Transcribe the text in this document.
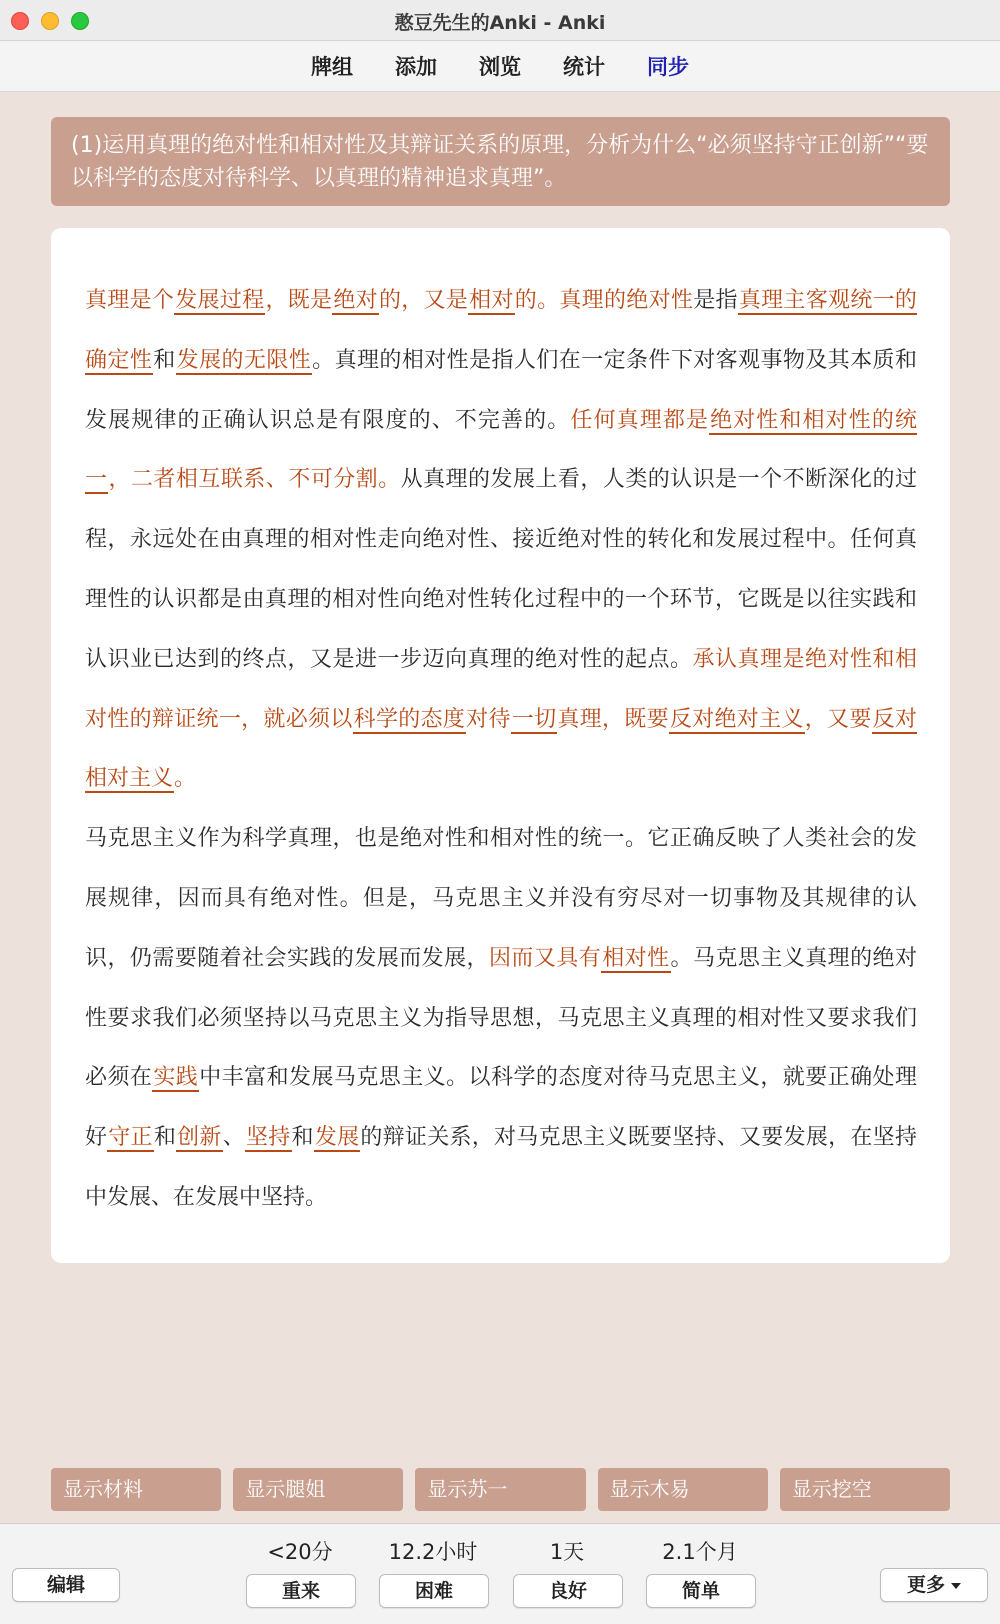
憨豆先生的Anki - Anki
牌组 添加 浏览 统计 同步
(1)运用真理的绝对性和相对性及其辩证关系的原理，分析为什么“必须坚持守正创新”“要以科学的态度对待科学、以真理的精神追求真理”。
真理是个发展过程，既是绝对的，又是相对的。真理的绝对性是指真理主客观统一的确定性和发展的无限性。真理的相对性是指人们在一定条件下对客观事物及其本质和发展规律的正确认识总是有限度的、不完善的。任何真理都是绝对性和相对性的统一，二者相互联系、不可分割。从真理的发展上看，人类的认识是一个不断深化的过程，永远处在由真理的相对性走向绝对性、接近绝对性的转化和发展过程中。任何真理性的认识都是由真理的相对性向绝对性转化过程中的一个环节，它既是以往实践和认识业已达到的终点，又是进一步迈向真理的绝对性的起点。承认真理是绝对性和相对性的辩证统一，就必须以科学的态度对待一切真理，既要反对绝对主义，又要反对相对主义。
马克思主义作为科学真理，也是绝对性和相对性的统一。它正确反映了人类社会的发展规律，因而具有绝对性。但是，马克思主义并没有穷尽对一切事物及其规律的认识，仍需要随着社会实践的发展而发展，因而又具有相对性。马克思主义真理的绝对性要求我们必须坚持以马克思主义为指导思想，马克思主义真理的相对性又要求我们必须在实践中丰富和发展马克思主义。以科学的态度对待马克思主义，就要正确处理好守正和创新、坚持和发展的辩证关系，对马克思主义既要坚持、又要发展，在坚持中发展、在发展中坚持。
显示材料	显示腿姐	显示苏一	显示木易	显示挖空
编辑
<20分	12.2小时	1天	2.1个月
重来	困难	良好	简单	更多
